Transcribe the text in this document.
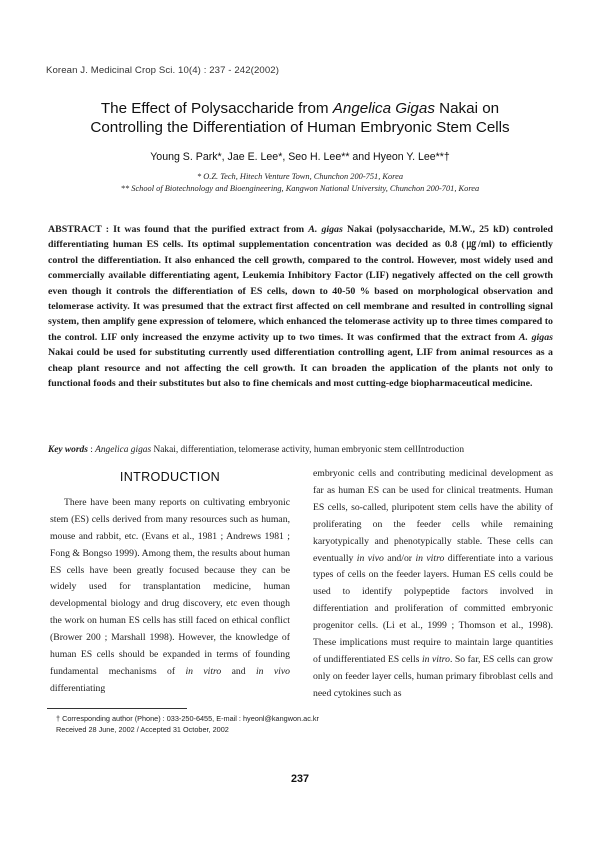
Korean J. Medicinal Crop Sci. 10(4) : 237 - 242(2002)
The Effect of Polysaccharide from Angelica Gigas Nakai on
Controlling the Differentiation of Human Embryonic Stem Cells
Young S. Park*, Jae E. Lee*, Seo H. Lee** and Hyeon Y. Lee**†
* O.Z. Tech, Hitech Venture Town, Chunchon 200-751, Korea
** School of Biotechnology and Bioengineering, Kangwon National University, Chunchon 200-701, Korea
ABSTRACT : It was found that the purified extract from A. gigas Nakai (polysaccharide, M.W., 25 kD) controled differentiating human ES cells. Its optimal supplementation concentration was decided as 0.8 (㎍/ml) to efficiently control the differentiation. It also enhanced the cell growth, compared to the control. However, most widely used and commercially available differentiating agent, Leukemia Inhibitory Factor (LIF) negatively affected on the cell growth even though it controls the differentiation of ES cells, down to 40-50 % based on morphological observation and telomerase activity. It was presumed that the extract first affected on cell membrane and resulted in controlling signal system, then amplify gene expression of telomere, which enhanced the telomerase activity up to three times compared to the control. LIF only increased the enzyme activity up to two times. It was confirmed that the extract from A. gigas Nakai could be used for substituting currently used differentiation controlling agent, LIF from animal resources as a cheap plant resource and not affecting the cell growth. It can broaden the application of the plants not only to functional foods and their substitutes but also to fine chemicals and most cutting-edge biopharmaceutical medicine.
Key words : Angelica gigas Nakai, differentiation, telomerase activity, human embryonic stem cellIntroduction
INTRODUCTION

There have been many reports on cultivating embryonic stem (ES) cells derived from many resources such as human, mouse and rabbit, etc. (Evans et al., 1981 ; Andrews 1981 ; Fong & Bongso 1999). Among them, the results about human ES cells have been greatly focused because they can be widely used for transplantation medicine, human developmental biology and drug discovery, etc even though the work on human ES cells has still faced on ethical conflict (Brower 200 ; Marshall 1998). However, the knowledge of human ES cells should be expanded in terms of founding fundamental mechanisms of in vitro and in vivo differentiating

embryonic cells and contributing medicinal development as far as human ES can be used for clinical treatments. Human ES cells, so-called, pluripotent stem cells have the ability of proliferating on the feeder cells while remaining karyotypically and phenotypically stable. These cells can eventually in vivo and/or in vitro differentiate into a various types of cells on the feeder layers. Human ES cells could be used to identify polypeptide factors involved in differentiation and proliferation of committed embryonic progenitor cells. (Li et al., 1999 ; Thomson et al., 1998). These implications must require to maintain large quantities of undifferentiated ES cells in vitro. So far, ES cells can grow only on feeder layer cells, human primary fibroblast cells and need cytokines such as

† Corresponding author (Phone) : 033-250-6455, E-mail : hyeonl@kangwon.ac.kr
Received 28 June, 2002 / Accepted 31 October, 2002
237
